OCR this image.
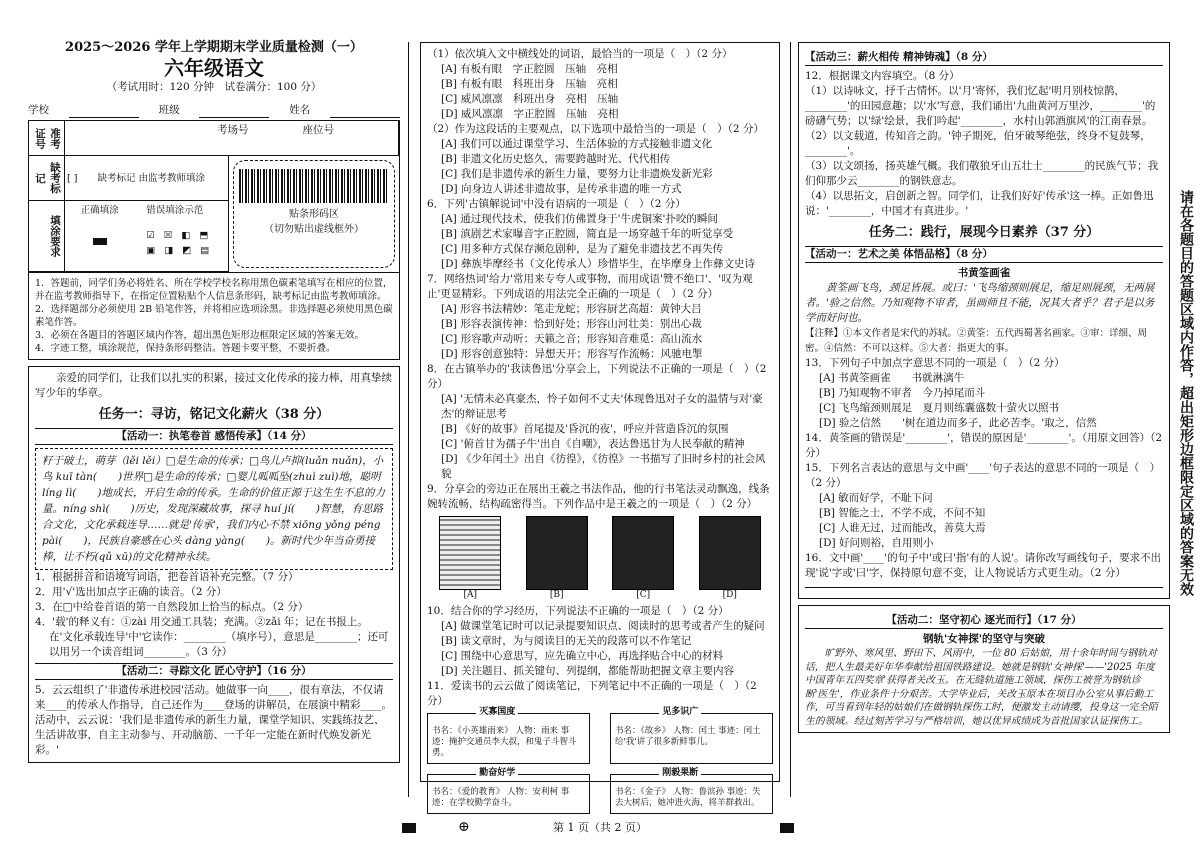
2025～2026 学年上学期期末学业质量检测（一）
六年级语文
（考试用时：120 分钟　试卷满分：100 分）
学校	班级	姓名
准考证号	考场号	座位号
缺考标记	[ ] 缺考标记 由监考教师填涂
贴条形码区
（切勿贴出虚线框外）
填涂要求
正确填涂	错误填涂示范
☑ ☒ ◧ ⬒
▣ ◨ ◩ ▤

1．答题前，同学们务必将姓名、所在学校学校名称用黑色碳素笔填写在相应的位置，并在监考教师指导下，在指定位置粘贴个人信息条形码，缺考标记由监考教师填涂。

2．选择题部分必须使用 2B 铅笔作答，并将相应选项涂黑。非选择题必须使用黑色碳素笔作答。

3．必须在各题目的答题区域内作答，超出黑色矩形边框限定区域的答案无效。

4．字迹工整，填涂规范，保持条形码整洁。答题卡要平整，不要折叠。

亲爱的同学们，让我们以扎实的积累，接过文化传承的接力棒，用真挚续写少年的华章。

任务一：寻访，铭记文化薪火（38 分）
【活动一：执笔卷首 感悟传承】（14 分）
籽于破土，萌芽（lěi lěi）□是生命的传承；□鸟儿卢抑(luǎn nuǎn)，小鸟 kuī tàn(　　)世界□是生命的传承；□婴儿呱呱坠(zhuì zuì)地，聪明 líng lì(　　)地成长，开启生命的传承。生命的价值正源于这生生不息的力量。níng shì(　　)历史，发现深藏故事，探寻 huí jí(　　)智慧，有思路合文化，文化承载连导……就是'传承'，我们内心不禁 xiōng yǒng péng pài(　　)，民族自豪感在心头 dàng yàng(　　)。新时代少年当奋勇接棒，让不朽(qǔ xū)的文化精神永续。

1．根据拼音和语境写词语，把卷首语补充完整。（7 分）

2．用'√'选出加点字正确的读音。（2 分）

3．在□中给卷首语的第一自然段加上恰当的标点。（2 分）

4．'载'的释义有：①zài 用交通工具装；充满。②zǎi 年；记在书报上。

在'文化承载连导'中'它读作：________（填序号），意思是________；还可以用另一个读音组词________。（3 分）

【活动二：寻踪文化 匠心守护】（16 分）

5．云云组织了'非遗传承进校园'活动。她做事一向____，很有章法，不仅请来____的传承人作指导，自己还作为____登场的讲解员，在展演中精彩____。活动中，云云说：'我们是非遗传承的新生力量，课堂学知识、实践练技艺、生活讲故事，自主主动参与、开动脑筋、一千年一定能在新时代焕发新光彩。'

（1）依次填入文中横线处的词语，最恰当的一项是（　）（2 分）

[A] 有板有眼　字正腔圆　压轴　亮相

[B] 有板有眼　科班出身　压轴　亮相

[C] 威风凛凛　科班出身　亮相　压轴

[D] 威风凛凛　字正腔圆　压轴　亮相

（2）作为这段话的主要观点，以下选项中最恰当的一项是（　）（2 分）

[A] 我们可以通过课堂学习、生活体验的方式接触非遗文化

[B] 非遗文化历史悠久，需要跨越时光、代代相传

[C] 我们是非遗传承的新生力量，要努力让非遗焕发新光彩

[D] 向身边人讲述非遗故事，是传承非遗的唯一方式

6．下列'古镇解说词'中没有语病的一项是（　）（2 分）

[A] 通过现代技术，使我们仿佛置身于'牛虎铜案'扑咬的瞬间

[B] 滇剧艺术家曝音字正腔圆，简直是一场穿越千年的听觉享受

[C] 用多种方式保存濒危剧种，是为了避免非遗技艺不再失传

[D] 彝族毕摩经书（文化传承人）珍惜毕生，在毕摩身上作彝文史诗

7．网络热词'给力'常用来专夸人或事物，而用成语'赞不绝口'、'叹为观止'更显精彩。下列成语的用法完全正确的一项是（　）（2 分）

[A] 形容书法精妙：笔走龙蛇；形容厨艺高超：黄钟大吕

[B] 形容表演传神：恰到好处；形容山河壮美：别出心裁

[C] 形容歌声动听：天籁之音；形容知音难觅：高山流水

[D] 形容创意独特：异想天开；形容写作流畅：风驰电掣

8．在古镇举办的'我读鲁迅'分享会上，下列说法不正确的一项是（　）（2 分）

[A] '无情未必真豪杰，怜子如何不丈夫'体现鲁迅对子女的温情与对'豪杰'的辩证思考

[B] 《好的故事》首尾提及'昏沉的夜'，呼应并营造昏沉的氛围

[C] '俯首甘为孺子牛'出自《自嘲》，表达鲁迅甘为人民奉献的精神

[D] 《少年闰土》出自《彷徨》，《彷徨》一书描写了旧时乡村的社会风貌

9．分享会的旁边正在展出王羲之书法作品，他的行书笔法灵动飘逸，线条婉转流畅，结构疏密得当。下列作品中是王羲之的一项是（　）（2 分）

[A]	[B]	[C]	[D]

10．结合你的学习经历，下列说法不正确的一项是（　）（2 分）

[A] 做课堂笔记时可以记录提要知识点、阅读时的思考或者产生的疑问

[B] 读文章时，为与阅读目的无关的段落可以不作笔记

[C] 围绕中心意思写，应先确立中心，再选择贴合中心的材料

[D] 关注题目、抓关键句、列提纲，都能帮助把握文章主要内容

11．爱读书的云云做了阅读笔记，下列笔记中不正确的一项是（　）（2 分）

灭寡国度
书名：《小英雄雨来》 人物：雨来 事迹：掩护交通员李大叔，和鬼子斗智斗勇。
见多识广
书名：《故乡》 人物：闰土 事迹：闰土给'我'讲了很多新鲜事儿。
勤奋好学
书名：《爱的教育》 人物：安利柯 事迹：在学校勤学奋斗。
刚毅果断
书名：《金子》 人物：鲁滨孙 事迹：失去大树后，她冲进火海，将羊群救出。
【活动三：薪火相传 精神铸魂】（8 分）

12．根据课文内容填空。（8 分）

（1）以诗咏文，抒千古情怀。以'月'寄怀，我们忆起'明月别枝惊鹊，________'的田园意趣；以'水'写意，我们诵出'九曲黄河万里沙，________'的磅礴气势；以'绿'绘景，我们吟起'________，水村山郭酒旗风'的江南春景。

（2）以文载道，传知音之韵。'钟子期死，伯牙破琴绝弦，终身不复鼓琴，________'。

（3）以文颂扬，扬英雄气概。我们敬狼牙山五壮士________的民族气节；我们仰那少云________的钢铁意志。

（4）以思拓文，启创新之智。同学们，让我们好好'传承'这一棒。正如鲁迅说：'________，中国才有真进步。'

任务二：践行，展现今日素养（37 分）
【活动一：艺术之美 体悟品格】（8 分）
书黄筌画雀

黄筌画飞鸟，颈足皆展。或曰：'飞鸟缩颈则展足，缩足则展颈，无两展者。'验之信然。乃知观物不审者，虽画师且不能，况其大者乎？君子是以务学而好问也。

【注释】①本文作者是宋代的苏轼。②黄筌：五代西蜀著名画家。③审：详细、周密。④信然：不可以这样。⑤大者：指更大的事。

13．下列句子中加点字意思不同的一项是（　）（2 分）

[A] 书黄筌画雀　　书就淋漓牛

[B] 乃知观物不审者　今乃掉尾而斗

[C] 飞鸟缩颈则展足　夏月则练囊盛数十萤火以照书

[D] 验之信然　　'树在道边而多子，此必苦李。'取之，信然

14．黄筌画的错误是'________'，错误的原因是'________'。（用原文回答）（2 分）

15．下列名言表达的意思与文中画'____'句子表达的意思不同的一项是（　）（2 分）

[A] 敏而好学，不耻下问

[B] 智能之士，不学不成，不问不知

[C] 人谁无过，过而能改，善莫大焉

[D] 好问则裕，自用则小

16．文中画'____'的句子中'或曰'指'有的人说'。请你改写画线句子，要求不出现'说'字或'曰'字，保持原句意不变，让人物说话方式更生动。（2 分）

【活动二：坚守初心 逐光而行】（17 分）
钢轨'女神探'的坚守与突破

旷野外、寒风里、野田下、风雨中，一位 80 后姑娘，用十余年时间与钢轨对话，把人生最美好年华奉献给祖国铁路建设。她就是钢轨'女神探'——'2025 年度中国青年五四奖章'获得者关改玉。在无缝轨道施工领域，探伤工被誉为钢轨诊断'医生'，作业条件十分艰苦。大学毕业后，关改玉原本在项目办公室从事后勤工作，可当看到年轻的姑娘们在做钢轨探伤工时，便激发主动请缨，投身这一完全陌生的领域。经过刻苦学习与严格培训，她以优异成绩成为首批国家认证探伤工。

请在各题目的答题区域内作答，超出矩形边框限定区域的答案无效
第 1 页（共 2 页）
⊕
